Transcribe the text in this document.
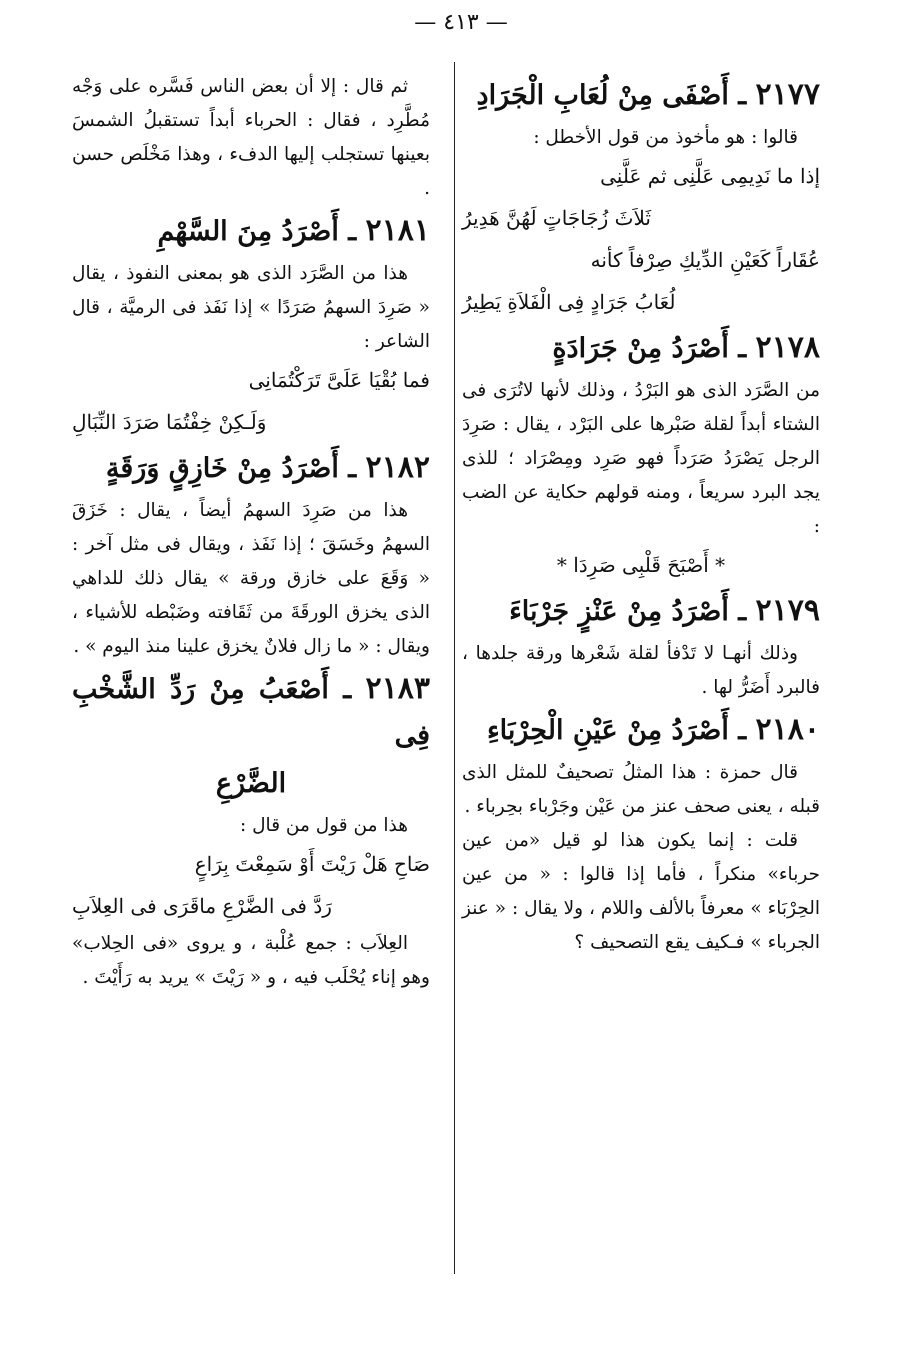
— ٤١٣ —
٢١٧٧ ـ أَصْفَى مِنْ لُعَابِ الْجَرَادِ

قالوا : هو مأخوذ من قول الأخطل :

إذا ما نَدِيمِى عَلَّنِى ثم عَلَّنِى

ثَلاَثَ زُجَاجَاتٍ لَهُنَّ هَدِيرُ

عُقَاراً كَعَيْنِ الدِّيكِ صِرْفاً كأنه

لُعَابُ جَرَادٍ فِى الْفَلاَةِ يَطِيرُ

٢١٧٨ ـ أَصْرَدُ مِنْ جَرَادَةٍ

من الصَّرَد الذى هو البَرْدُ ، وذلك لأنها لاتُرَى فى الشتاء أبداً لقلة صَبْرها على البَرْد ، يقال : صَرِدَ الرجل يَصْرَدُ صَرَداً فهو صَرِد ومِصْرَاد ؛ للذى يجد البرد سريعاً ، ومنه قولهم حكاية عن الضب :

* أَصْبَحَ قَلْبِى صَرِدَا *

٢١٧٩ ـ أَصْرَدُ مِنْ عَنْزٍ جَرْبَاءَ

وذلك أنهـا لا تَدْفأ لقلة شَعْرها ورقة جلدها ، فالبرد أَضَرُّ لها .

٢١٨٠ ـ أَصْرَدُ مِنْ عَيْنِ الْحِرْبَاءِ

قال حمزة : هذا المثلُ تصحيفٌ للمثل الذى قبله ، يعنى صحف عنز من عَيْن وجَرْباء بحِرباء .

قلت : إنما يكون هذا لو قيل «من عين حرباء» منكراً ، فأما إذا قالوا : « من عين الحِرْبَاء » معرفاً بالألف واللام ، ولا يقال : « عنز الجرباء » فـكيف يقع التصحيف ؟

ثم قال : إلا أن بعض الناس فَسَّره على وَجْه مُطَّرِد ، فقال : الحرباء أبداً تستقبلُ الشمسَ بعينها تستجلب إليها الدفء ، وهذا مَخْلَص حسن .

٢١٨١ ـ أَصْرَدُ مِنَ السَّهْمِ

هذا من الصَّرَد الذى هو بمعنى النفوذ ، يقال « صَرِدَ السهمُ صَرَدًا » إذا نَفَذ فى الرميَّة ، قال الشاعر :

فما بُقْيَا عَلَىَّ تَرَكْتُمَانِى

وَلَـكِنْ خِفْتُمَا صَرَدَ النِّبَالِ

٢١٨٢ ـ أَصْرَدُ مِنْ خَازِقٍ وَرَقَةٍ

هذا من صَرِدَ السهمُ أيضاً ، يقال : خَزَقَ السهمُ وخَسَقَ ؛ إذا نَفَذ ، ويقال فى مثل آخر : « وَقَعَ على خازق ورقة » يقال ذلك للداهي الذى يخزق الورقَةَ من ثَقَافته وضَبْطه للأشياء ، ويقال : « ما زال فلانٌ يخزق علينا منذ اليوم » .

٢١٨٣ ـ أَصْعَبُ مِنْ رَدِّ الشَّخْبِ فِى
الضَّرْعِ

هذا من قول من قال :

صَاحِ هَلْ رَيْتَ أَوْ سَمِعْتَ بِرَاعٍ

رَدَّ فى الضَّرْعِ ماقَرَى فى العِلاَبِ

العِلاَب : جمع عُلْبة ، و يروى «فى الحِلاب» وهو إناء يُحْلَب فيه ، و « رَيْتَ » يريد به رَأَيْتَ .
